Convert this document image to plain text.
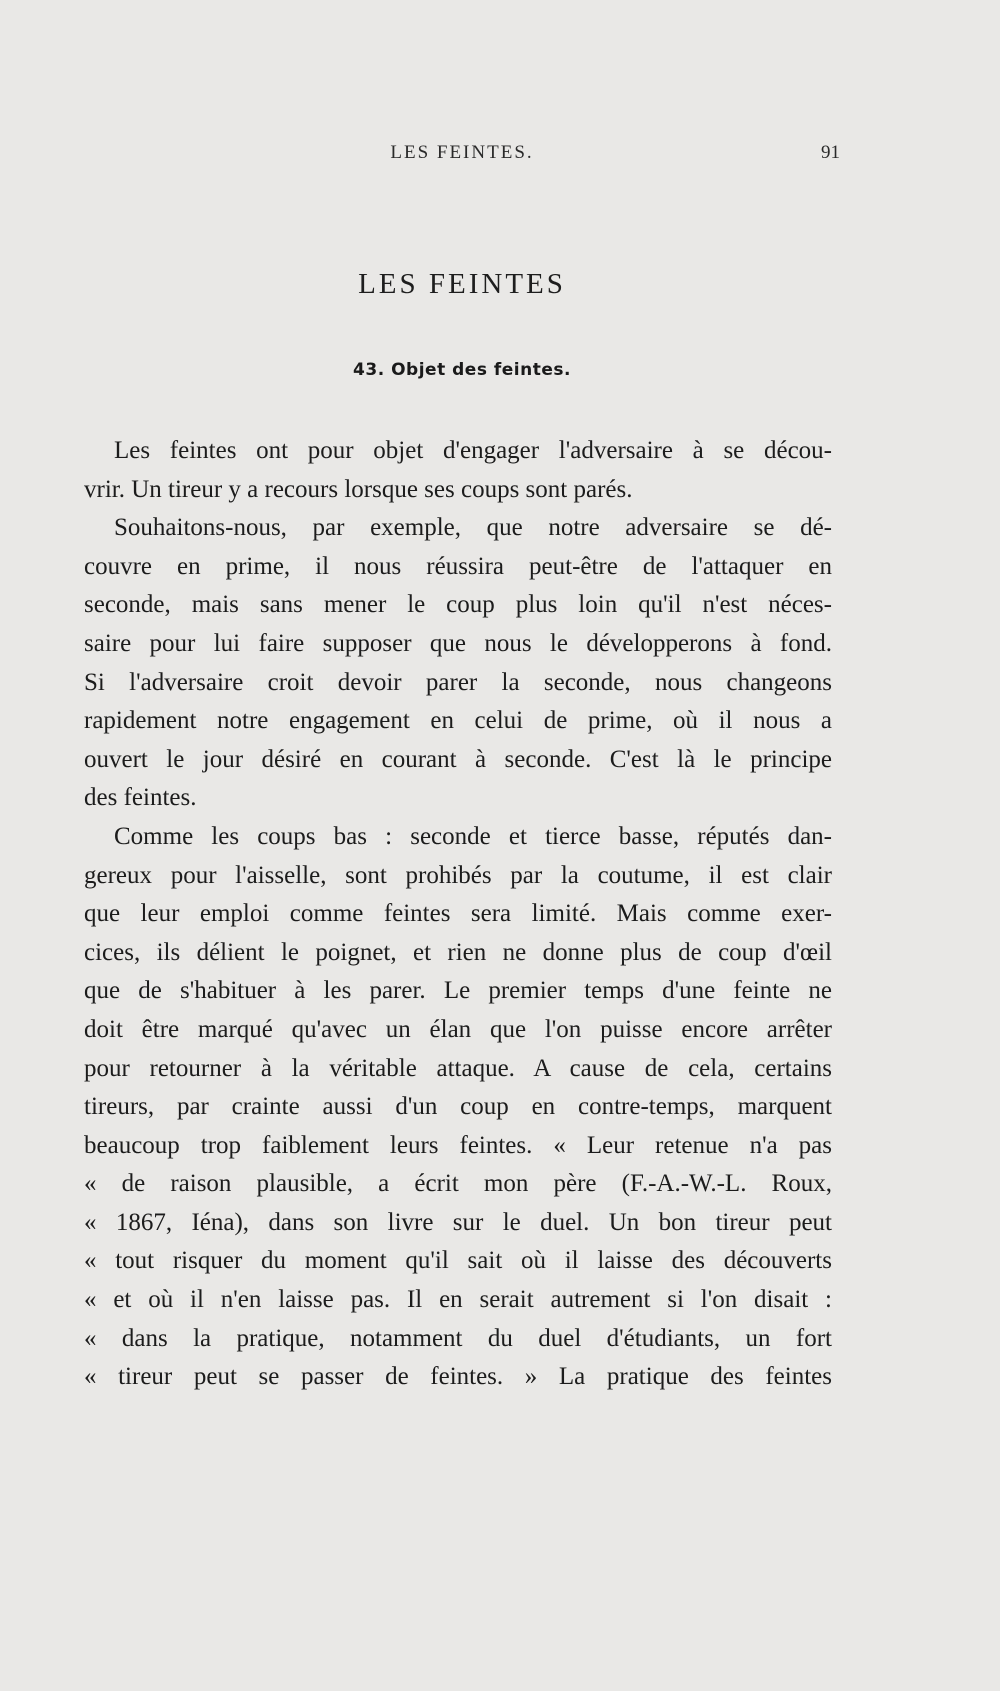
LES FEINTES.	91
LES FEINTES
43. Objet des feintes.
Les feintes ont pour objet d'engager l'adversaire à se décou-
vrir. Un tireur y a recours lorsque ses coups sont parés.
Souhaitons-nous, par exemple, que notre adversaire se dé-
couvre en prime, il nous réussira peut-être de l'attaquer en
seconde, mais sans mener le coup plus loin qu'il n'est néces-
saire pour lui faire supposer que nous le développerons à fond.
Si l'adversaire croit devoir parer la seconde, nous changeons
rapidement notre engagement en celui de prime, où il nous a
ouvert le jour désiré en courant à seconde. C'est là le principe
des feintes.
Comme les coups bas : seconde et tierce basse, réputés dan-
gereux pour l'aisselle, sont prohibés par la coutume, il est clair
que leur emploi comme feintes sera limité. Mais comme exer-
cices, ils délient le poignet, et rien ne donne plus de coup d'œil
que de s'habituer à les parer. Le premier temps d'une feinte ne
doit être marqué qu'avec un élan que l'on puisse encore arrêter
pour retourner à la véritable attaque. A cause de cela, certains
tireurs, par crainte aussi d'un coup en contre-temps, marquent
beaucoup trop faiblement leurs feintes. « Leur retenue n'a pas
« de raison plausible, a écrit mon père (F.-A.-W.-L. Roux,
« 1867, Iéna), dans son livre sur le duel. Un bon tireur peut
« tout risquer du moment qu'il sait où il laisse des découverts
« et où il n'en laisse pas. Il en serait autrement si l'on disait :
« dans la pratique, notamment du duel d'étudiants, un fort
« tireur peut se passer de feintes. » La pratique des feintes
